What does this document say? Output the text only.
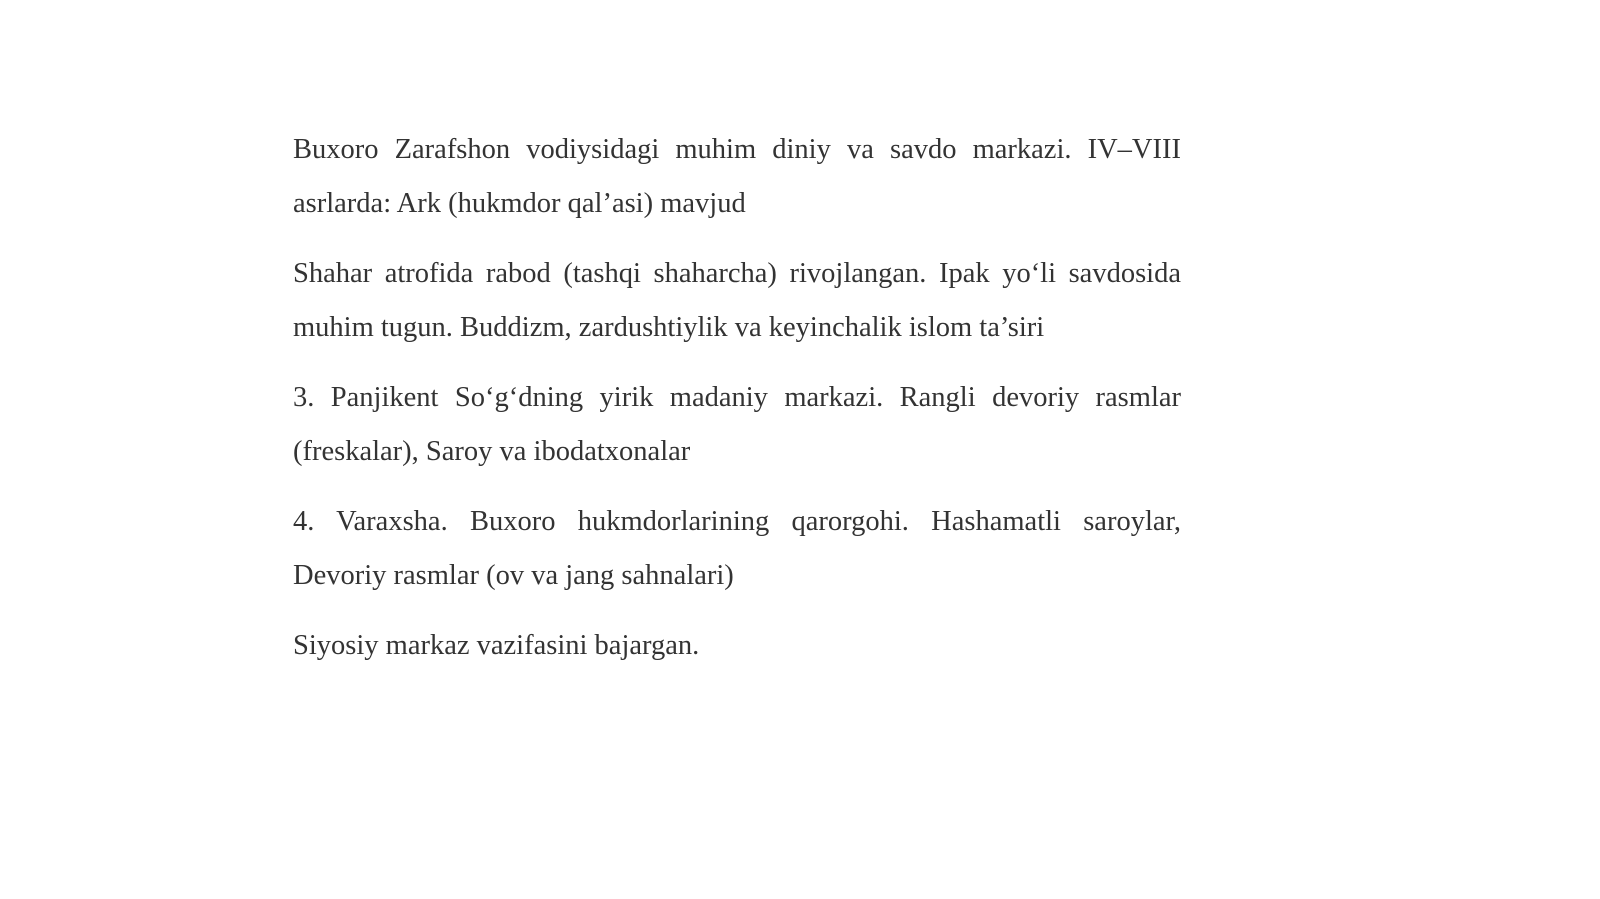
Buxoro Zarafshon vodiysidagi muhim diniy va savdo markazi. IV–VIII asrlarda: Ark (hukmdor qal’asi) mavjud

Shahar atrofida rabod (tashqi shaharcha) rivojlangan. Ipak yo‘li savdosida muhim tugun. Buddizm, zardushtiylik va keyinchalik islom ta’siri

3. Panjikent So‘g‘dning yirik madaniy markazi. Rangli devoriy rasmlar (freskalar), Saroy va ibodatxonalar

4. Varaxsha. Buxoro hukmdorlarining qarorgohi. Hashamatli saroylar, Devoriy rasmlar (ov va jang sahnalari)

Siyosiy markaz vazifasini bajargan.
